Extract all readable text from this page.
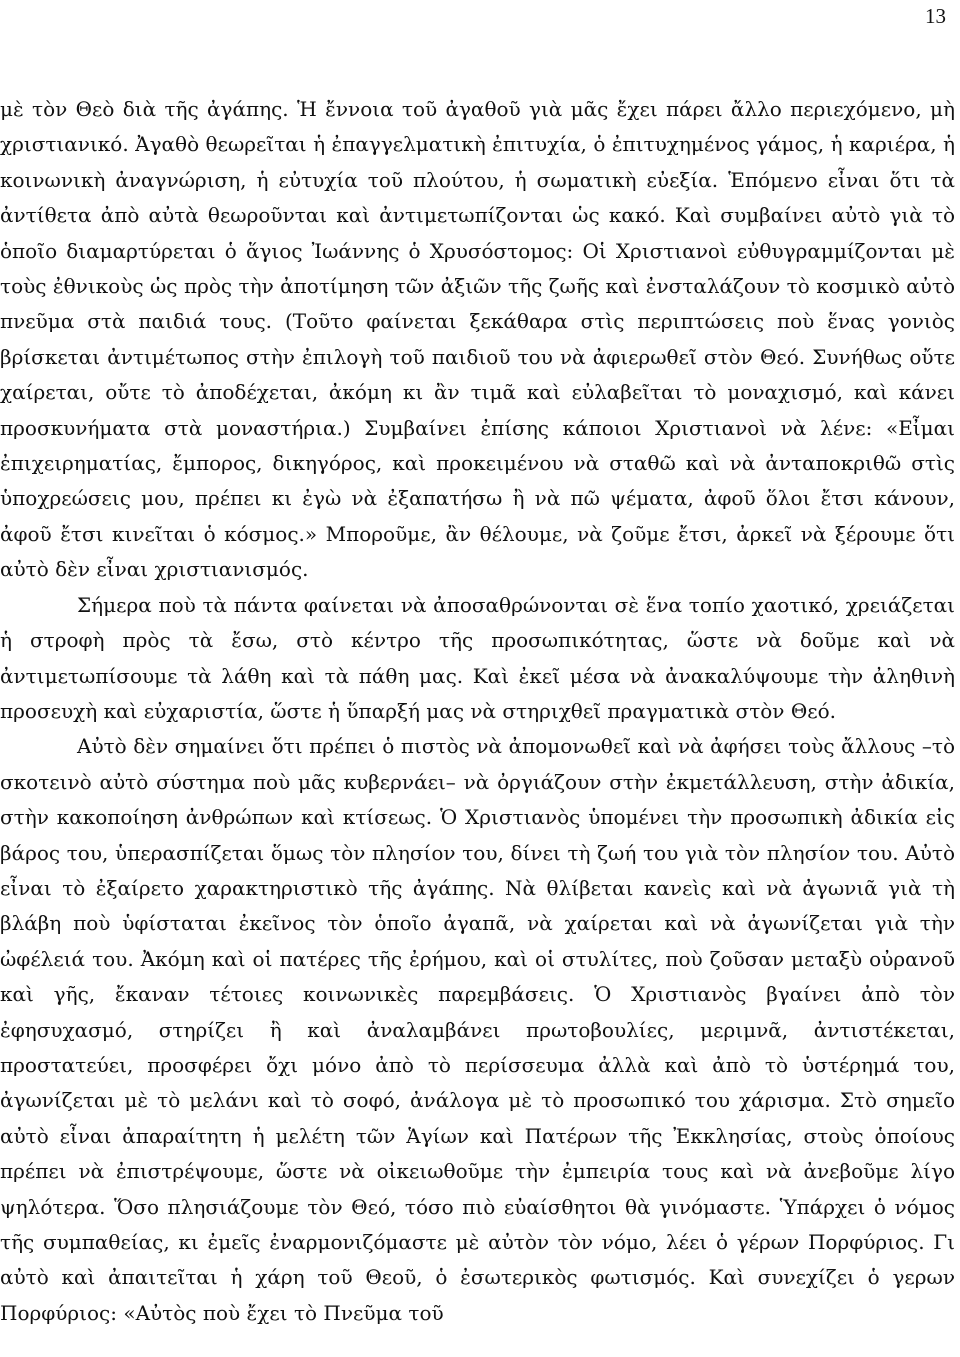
13

μὲ τὸν Θεὸ διὰ τῆς ἀγάπης. Ἡ ἔννοια τοῦ ἀγαθοῦ γιὰ μᾶς ἔχει πάρει ἄλλο περιεχόμενο, μὴ χριστιανικό. Ἀγαθὸ θεωρεῖται ἡ ἐπαγγελματικὴ ἐπιτυχία, ὁ ἐπιτυχημένος γάμος, ἡ καριέρα, ἡ κοινωνικὴ ἀναγνώριση, ἡ εὐτυχία τοῦ πλούτου, ἡ σωματικὴ εὐεξία. Ἑπόμενο εἶναι ὅτι τὰ ἀντίθετα ἀπὸ αὐτὰ θεωροῦνται καὶ ἀντιμετωπίζονται ὡς κακό. Καὶ συμβαίνει αὐτὸ γιὰ τὸ ὁποῖο διαμαρτύρεται ὁ ἅγιος Ἰωάννης ὁ Χρυσόστομος: Οἱ Χριστιανοὶ εὐθυγραμμίζονται μὲ τοὺς ἐθνικοὺς ὡς πρὸς τὴν ἀποτίμηση τῶν ἀξιῶν τῆς ζωῆς καὶ ἐνσταλάζουν τὸ κοσμικὸ αὐτὸ πνεῦμα στὰ παιδιά τους. (Τοῦτο φαίνεται ξεκάθαρα στὶς περιπτώσεις ποὺ ἕνας γονιὸς βρίσκεται ἀντιμέτωπος στὴν ἐπιλογὴ τοῦ παιδιοῦ του νὰ ἀφιερωθεῖ στὸν Θεό. Συνήθως οὔτε χαίρεται, οὔτε τὸ ἀποδέχεται, ἀκόμη κι ἂν τιμᾶ καὶ εὐλαβεῖται τὸ μοναχισμό, καὶ κάνει προσκυνήματα στὰ μοναστήρια.) Συμβαίνει ἐπίσης κάποιοι Χριστιανοὶ νὰ λένε: «Εἶμαι ἐπιχειρηματίας, ἔμπορος, δικηγόρος, καὶ προκειμένου νὰ σταθῶ καὶ νὰ ἀνταποκριθῶ στὶς ὑποχρεώσεις μου, πρέπει κι ἐγὼ νὰ ἐξαπατήσω ἢ νὰ πῶ ψέματα, ἀφοῦ ὅλοι ἔτσι κάνουν, ἀφοῦ ἔτσι κινεῖται ὁ κόσμος.» Μποροῦμε, ἂν θέλουμε, νὰ ζοῦμε ἔτσι, ἀρκεῖ νὰ ξέρουμε ὅτι αὐτὸ δὲν εἶναι χριστιανισμός.

Σήμερα ποὺ τὰ πάντα φαίνεται νὰ ἀποσαθρώνονται σὲ ἕνα τοπίο χαοτικό, χρειάζεται ἡ στροφὴ πρὸς τὰ ἔσω, στὸ κέντρο τῆς προσωπικότητας, ὥστε νὰ δοῦμε καὶ νὰ ἀντιμετωπίσουμε τὰ λάθη καὶ τὰ πάθη μας. Καὶ ἐκεῖ μέσα νὰ ἀνακαλύψουμε τὴν ἀληθινὴ προσευχὴ καὶ εὐχαριστία, ὥστε ἡ ὕπαρξή μας νὰ στηριχθεῖ πραγματικὰ στὸν Θεό.

Αὐτὸ δὲν σημαίνει ὅτι πρέπει ὁ πιστὸς νὰ ἀπομονωθεῖ καὶ νὰ ἀφήσει τοὺς ἄλλους –τὸ σκοτεινὸ αὐτὸ σύστημα ποὺ μᾶς κυβερνάει– νὰ ὀργιάζουν στὴν ἐκμετάλλευση, στὴν ἀδικία, στὴν κακοποίηση ἀνθρώπων καὶ κτίσεως. Ὁ Χριστιανὸς ὑπομένει τὴν προσωπικὴ ἀδικία εἰς βάρος του, ὑπερασπίζεται ὅμως τὸν πλησίον του, δίνει τὴ ζωή του γιὰ τὸν πλησίον του. Αὐτὸ εἶναι τὸ ἐξαίρετο χαρακτηριστικὸ τῆς ἀγάπης. Νὰ θλίβεται κανεὶς καὶ νὰ ἀγωνιᾶ γιὰ τὴ βλάβη ποὺ ὑφίσταται ἐκεῖνος τὸν ὁποῖο ἀγαπᾶ, νὰ χαίρεται καὶ νὰ ἀγωνίζεται γιὰ τὴν ὠφέλειά του. Ἀκόμη καὶ οἱ πατέρες τῆς ἐρήμου, καὶ οἱ στυλίτες, ποὺ ζοῦσαν μεταξὺ οὐρανοῦ καὶ γῆς, ἔκαναν τέτοιες κοινωνικὲς παρεμβάσεις. Ὁ Χριστιανὸς βγαίνει ἀπὸ τὸν ἐφησυχασμό, στηρίζει ἢ καὶ ἀναλαμβάνει πρωτοβουλίες, μεριμνᾶ, ἀντιστέκεται, προστατεύει, προσφέρει ὄχι μόνο ἀπὸ τὸ περίσσευμα ἀλλὰ καὶ ἀπὸ τὸ ὑστέρημά του, ἀγωνίζεται μὲ τὸ μελάνι καὶ τὸ σοφό, ἀνάλογα μὲ τὸ προσωπικό του χάρισμα. Στὸ σημεῖο αὐτὸ εἶναι ἀπαραίτητη ἡ μελέτη τῶν Ἁγίων καὶ Πατέρων τῆς Ἐκκλησίας, στοὺς ὁποίους πρέπει νὰ ἐπιστρέψουμε, ὥστε νὰ οἰκειωθοῦμε τὴν ἐμπειρία τους καὶ νὰ ἀνεβοῦμε λίγο ψηλότερα. Ὅσο πλησιάζουμε τὸν Θεό, τόσο πιὸ εὐαίσθητοι θὰ γινόμαστε. Ὑπάρχει ὁ νόμος τῆς συμπαθείας, κι ἐμεῖς ἐναρμονιζόμαστε μὲ αὐτὸν τὸν νόμο, λέει ὁ γέρων Πορφύριος. Γι αὐτὸ καὶ ἀπαιτεῖται ἡ χάρη τοῦ Θεοῦ, ὁ ἐσωτερικὸς φωτισμός. Καὶ συνεχίζει ὁ γερων Πορφύριος: «Αὐτὸς ποὺ ἔχει τὸ Πνεῦμα τοῦ
